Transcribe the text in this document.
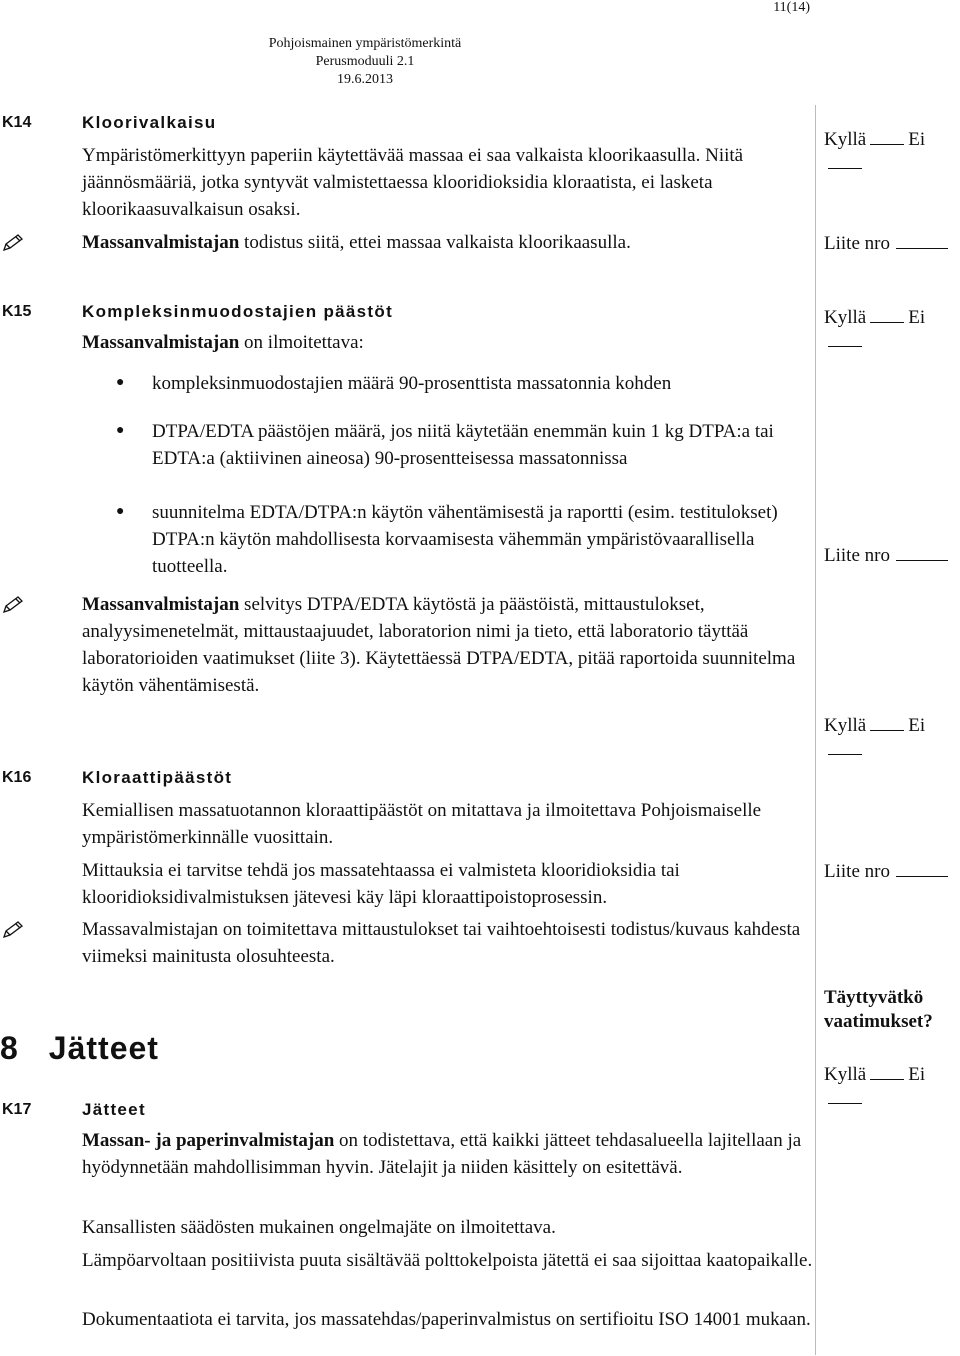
11(14)
Pohjoismainen ympäristömerkintä
Perusmoduuli 2.1
19.6.2013
K14	Kloorivalkaisu
Ympäristömerkittyyn paperiin käytettävää massaa ei saa valkaista kloorikaasulla. Niitä jäännösmääriä, jotka syntyvät valmistettaessa klooridioksidia kloraatista, ei lasketa kloorikaasuvalkaisun osaksi.
Massanvalmistajan todistus siitä, ettei massaa valkaista kloorikaasulla.
Kyllä Ei
Liite nro
K15	Kompleksinmuodostajien päästöt
Massanvalmistajan on ilmoitettava:
● kompleksinmuodostajien määrä 90-prosenttista massatonnia kohden
● DTPA/EDTA päästöjen määrä, jos niitä käytetään enemmän kuin 1 kg DTPA:a tai EDTA:a (aktiivinen aineosa) 90-prosentteisessa massatonnissa
● suunnitelma EDTA/DTPA:n käytön vähentämisestä ja raportti (esim. testitulokset) DTPA:n käytön mahdollisesta korvaamisesta vähemmän ympäristövaarallisella tuotteella.
Massanvalmistajan selvitys DTPA/EDTA käytöstä ja päästöistä, mittaustulokset, analyysimenetelmät, mittaustaajuudet, laboratorion nimi ja tieto, että laboratorio täyttää laboratorioiden vaatimukset (liite 3). Käytettäessä DTPA/EDTA, pitää raportoida suunnitelma käytön vähentämisestä.
Kyllä Ei
Liite nro
Kyllä Ei
K16	Kloraattipäästöt
Kemiallisen massatuotannon kloraattipäästöt on mitattava ja ilmoitettava Pohjoismaiselle ympäristömerkinnälle vuosittain.
Mittauksia ei tarvitse tehdä jos massatehtaassa ei valmisteta klooridioksidia tai klooridioksidivalmistuksen jätevesi käy läpi kloraattipoistoprosessin.
Massavalmistajan on toimitettava mittaustulokset tai vaihtoehtoisesti todistus/kuvaus kahdesta viimeksi mainitusta olosuhteesta.
Liite nro
Täyttyvätkö
vaatimukset?
8 Jätteet
Kyllä Ei
K17	Jätteet
Massan- ja paperinvalmistajan on todistettava, että kaikki jätteet tehdasalueella lajitellaan ja hyödynnetään mahdollisimman hyvin. Jätelajit ja niiden käsittely on esitettävä.
Kansallisten säädösten mukainen ongelmajäte on ilmoitettava.
Lämpöarvoltaan positiivista puuta sisältävää polttokelpoista jätettä ei saa sijoittaa kaatopaikalle.
Dokumentaatiota ei tarvita, jos massatehdas/paperinvalmistus on sertifioitu ISO 14001 mukaan.
